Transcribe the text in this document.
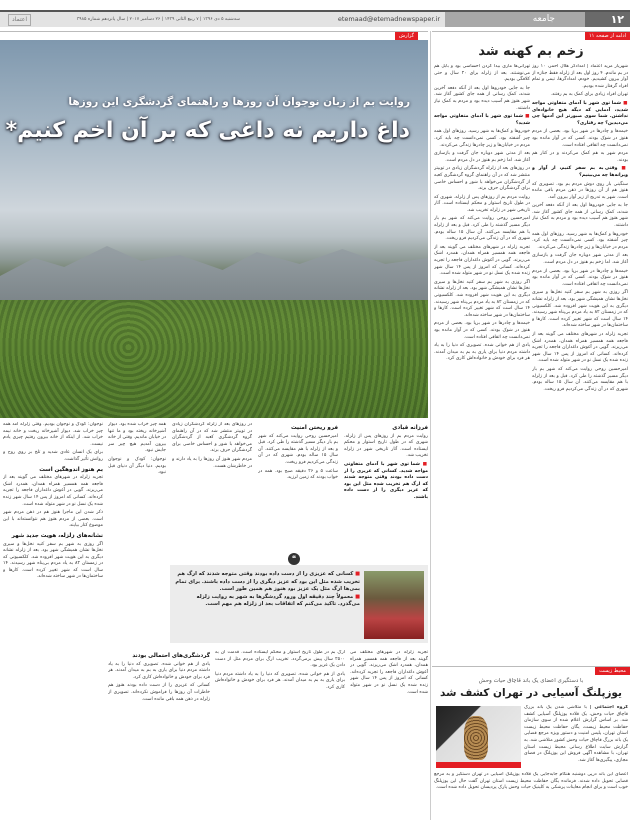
۱۲
جامعه
etemaad@etemadnewspaper.ir
سه‌شنبه ۵ دی ۱۳۹۶ | ۷ ربیع الثانی ۱۴۳۹ | ۲۶ دسامبر ۲۰۱۷ | سال پانزدهم شماره ۳۹۸۵
اعتماد
گزارش
روایت بم از زبان نوجوان آن روزها و راهنمای گردشگری این روزها
داغ داریم نه داغی که بر آن اخم کنیم*

نوجوان: کودک و نوجوان بودیم. وقتی زلزله آمد همه چیز خراب شد. دیوار آشپزخانه ریخت و خانه نیمه خراب شد. از اینکه از خانه بیرون رفتیم چیزی یادم نیست.

برای یک انسان عادی شدید و تلخ بر روی روح و روانش تأثیر گذاشت.

بم هنوز اندوهگین است

تجربه زلزله در شهرهای مختلف می گویند بعد از فاجعه همه همسیر همراه همدان، همدرد اشک می‌ریزند. گویی در آغوش داغداران فاجعه را تجربه کرده‌اند. کسانی که امروز از پس ۱۴ سال شهر زنده شده یک نسل نو در شهر متولد شده است.

ذکر شدن این ماجرا هنوز هم در ذهن مردم شهر است. بعضی از مردم هنوز هم نتوانسته‌اند با این موضوع کنار بیایند.

نشانه‌های زلزله، هویت جدید شهر

اگر روزی به شهر بم سفر کنید نخل‌ها و سیری نخل‌ها نشان همیشگی شهر بود. بعد از زلزله نشانه دیگری به این هویت شهر افزوده شد. کلکسیونی که در زمستان ۸۲ به یاد مردم بی‌پناه شهر رسیدند. ۱۴ سال است که شهر تغییر کرده است. کارها و ساختمان‌ها در شهر ساخته شده‌اند.

همه چیز خراب شده بود. دیوار آشپزخانه ریخته بود و ما تنها در خیابان ماندیم. وقتی از خانه بیرون آمدیم هیچ چیز سر جایش نبود.

نوجوان: کودک و نوجوان بودیم. دنیا دیگر آن دنیای قبل نبود.

گردشگری‌های احتمالی بودند

یادی از هم خوانی شده. تصویری که دنیا را به یاد داشته مردم دنیا برای یاری به بم به میدان آمدند. هر فرد برای خودش و خانواده‌اش کاری کرد.

کسانی که عزیزی را از دست داده بودند هنوز هم خاطرات آن روزها را فراموش نکرده‌اند. تصویری از زلزله در ذهن همه باقی مانده است.

در روزهای بعد از زلزله گردشگران زیادی در توییتر منتشر شد که در آن راهنمای گروه گردشگری کعبه از گردشگران می‌خواهد با شور و احساس خاصی برای گردشگران حرف بزند.

مردم شهر هنوز آن روزها را به یاد دارند و در خاطرشان هست.

فرو ریختن امنیت

امیرحسین روحی روایت می‌کند که شهر بم بار دیگر مسیر گذشته را طی کرد. قبل و بعد از زلزله با هم مقایسه می‌کنند. آن سال ۱۵ ساله بودم. شهری که در آن زندگی می‌کردیم فرو ریخت.

ساعت ۵ و ۲۶ دقیقه صبح بود. همه در خواب بودند که زمین لرزید.

فرزانه قبادی

روایت مردم بم از روزهای پس از زلزله. شهری که در طول تاریخ استوار و محکم ایستاده است. آثار تاریخی شهر در زلزله تخریب شد.

■ شما توی شهر با آدمای متفاوتی مواجه شدید. کسانی که عزیزی را از دست داده بودند وقتی متوجه شدند که ارگ هم تخریب شده مثل این بود که عزیز دیگری را از دست داده باشند.

❝

■ کسانی که عزیزی را از دست داده بودند وقتی متوجه شدند که ارگ هم تخریب شده مثل این بود که عزیز دیگری را از دست داده باشند. برای تمام بمی‌ها ارگ مثل یک عزیز بود هنوز هم همین طور است.

■ معمولاً چند دقیقه اول ورود گردشگرها به شهر به روایت زلزله می‌گذرد. تاکید می‌کنم که اتفاقات بعد از زلزله هم مهم است.

ارگ بم در طول تاریخ استوار و محکم ایستاده است. قدمت آن به ۲۵۰۰ سال پیش برمی‌گردد. تخریب ارگ برای مردم مثل از دست دادن یک عزیز بود.

یادی از هم خوانی شده. تصویری که دنیا را به یاد داشته مردم دنیا برای یاری به بم به میدان آمدند. هر فرد برای خودش و خانواده‌اش کاری کرد.

تجربه زلزله در شهرهای مختلف می گویند بعد از فاجعه همه همسیر همراه همدان، همدرد اشک می‌ریزند. گویی در آغوش داغداران فاجعه را تجربه کرده‌اند. کسانی که امروز از پس ۱۴ سال شهر زنده شده یک نسل نو در شهر متولد شده است.

ادامه از صفحه ۱۱
زخم بم کهنه شد

شهریار مزید اعتماد | امدادگر هلال احمر، ۱۰ روز در بم ماندم. ۴ روز اول بعد از زلزله فقط جنازه از آوار بیرون کشیدیم. خودم، امدادگرها، تیمی و تمام افراد گرفتار شده بودیم.

تهران افراد زیادی برای کمک به بم رفتند.

■ شما توی شهر با آدمای متفاوتی مواجه شدید، آدمایی که دیگه هیچ خانواده‌ای نداشتن. شما سوی صبورتر این آدمها چی می‌دیدین؟ چه رفتاری؟

خیمه‌ها و چادرها در شهر برپا بود. بعضی از مردم هنوز در شوک بودند. کسی که در آوار مانده بود نمی‌دانست چه اتفاقی افتاده است.

مردم شهر به هم کمک می‌کردند و در کنار هم بودند.

■ وقتی به بم سفر کنیم، از آوار و ویرانه‌ها چه می‌بینیم؟

سنگینی بار روی دوش مردم بم بود. تصویری که هنوز هم از آن روزها در ذهن مردم باقی مانده است. شهر به تدریج از زیر آوار بیرون آمد.

جا به جایی خودروها اول بعد از آنکه دفعه آخرین شدند، کمک رسانی از همه جای کشور آغاز شد. شهر هنوز هم آسیب دیده بود و مردم به کمک نیاز داشتند.

خودروها و کمک‌ها به شهر رسید. روزهای اول همه چیز آشفته بود. کسی نمی‌دانست چه باید کرد. مردم در خیابان‌ها و زیر چادرها زندگی می‌کردند.

بعد از مدتی شهر دوباره جان گرفت و بازسازی آغاز شد. اما زخم بم هنوز در دل مردم است.

خیمه‌ها و چادرها در شهر برپا بود. بعضی از مردم هنوز در شوک بودند. کسی که در آوار مانده بود نمی‌دانست چه اتفاقی افتاده است.

اگر روزی به شهر بم سفر کنید نخل‌ها و سیری نخل‌ها نشان همیشگی شهر بود. بعد از زلزله نشانه دیگری به این هویت شهر افزوده شد. کلکسیونی که در زمستان ۸۲ به یاد مردم بی‌پناه شهر رسیدند. ۱۴ سال است که شهر تغییر کرده است. کارها و ساختمان‌ها در شهر ساخته شده‌اند.

تجربه زلزله در شهرهای مختلف می گویند بعد از فاجعه همه همسیر همراه همدان، همدرد اشک می‌ریزند. گویی در آغوش داغداران فاجعه را تجربه کرده‌اند. کسانی که امروز از پس ۱۴ سال شهر زنده شده یک نسل نو در شهر متولد شده است.

امیرحسین روحی روایت می‌کند که شهر بم بار دیگر مسیر گذشته را طی کرد. قبل و بعد از زلزله با هم مقایسه می‌کنند. آن سال ۱۵ ساله بودم. شهری که در آن زندگی می‌کردیم فرو ریخت.

تهرانی‌ها ماری بیدا کردن احساسی بود و بابل هم می‌نوشتند. بعد از زلزله برای ۲۰ سال و حتی کلافگی بودیم.

جا به جایی خودروها اول بعد از آنکه دفعه آخرین شدند، کمک رسانی از همه جای کشور آغاز شد. شهر هنوز هم آسیب دیده بود و مردم به کمک نیاز داشتند.

■ شما توی شهر با آدمای متفاوتی مواجه شدید؟

خودروها و کمک‌ها به شهر رسید. روزهای اول همه چیز آشفته بود. کسی نمی‌دانست چه باید کرد. مردم در خیابان‌ها و زیر چادرها زندگی می‌کردند.

بعد از مدتی شهر دوباره جان گرفت و بازسازی آغاز شد. اما زخم بم هنوز در دل مردم است.

در روزهای بعد از زلزله گردشگران زیادی در توییتر منتشر شد که در آن راهنمای گروه گردشگری کعبه از گردشگران می‌خواهد با شور و احساس خاصی برای گردشگران حرف بزند.

روایت مردم بم از روزهای پس از زلزله. شهری که در طول تاریخ استوار و محکم ایستاده است. آثار تاریخی شهر در زلزله تخریب شد.

امیرحسین روحی روایت می‌کند که شهر بم بار دیگر مسیر گذشته را طی کرد. قبل و بعد از زلزله با هم مقایسه می‌کنند. آن سال ۱۵ ساله بودم. شهری که در آن زندگی می‌کردیم فرو ریخت.

تجربه زلزله در شهرهای مختلف می گویند بعد از فاجعه همه همسیر همراه همدان، همدرد اشک می‌ریزند. گویی در آغوش داغداران فاجعه را تجربه کرده‌اند. کسانی که امروز از پس ۱۴ سال شهر زنده شده یک نسل نو در شهر متولد شده است.

اگر روزی به شهر بم سفر کنید نخل‌ها و سیری نخل‌ها نشان همیشگی شهر بود. بعد از زلزله نشانه دیگری به این هویت شهر افزوده شد. کلکسیونی که در زمستان ۸۲ به یاد مردم بی‌پناه شهر رسیدند. ۱۴ سال است که شهر تغییر کرده است. کارها و ساختمان‌ها در شهر ساخته شده‌اند.

خیمه‌ها و چادرها در شهر برپا بود. بعضی از مردم هنوز در شوک بودند. کسی که در آوار مانده بود نمی‌دانست چه اتفاقی افتاده است.

یادی از هم خوانی شده. تصویری که دنیا را به یاد داشته مردم دنیا برای یاری به بم به میدان آمدند. هر فرد برای خودش و خانواده‌اش کاری کرد.

محیط زیست
با دستگیری اعضای یک باند قاچاق حیات وحش
یوزپلنگ آسیایی در تهران کشف شد

گروه اجتماعی | با متلاشی شدن یک باند بزرگ قاچاق حیات وحش، یک قلاده یوزپلنگ آسیایی کشف شد. بر اساس گزارش اعلام شده از سوی سازمان حفاظت محیط زیست، یگان حفاظت محیط زیست استان تهران، پلیس امنیت و دستور ویژه مرجع قضایی یک باند بزرگ قاچاق حیات وحش کشور متلاشی شد. به گزارش سایت اطلاع رسانی محیط زیست استان تهران، با مشاهده آگهی فروش این یوزپلنگ در فضای مجازی، پیگیری‌ها آغاز شد.

اعضای این باند درپی دوشنبه هنگام جابه‌جایی یک قلاده یوزپلنگ آسیایی در تهران دستگیر و به مرجع قضایی تحویل داده شدند. فرمانده یگان حفاظت محیط زیست استان تهران گفت حال این یوزپلنگ خوب است و برای انجام معاینات پزشکی به کلینیک حیات وحش پارک پردیسان تحویل داده شده است.
